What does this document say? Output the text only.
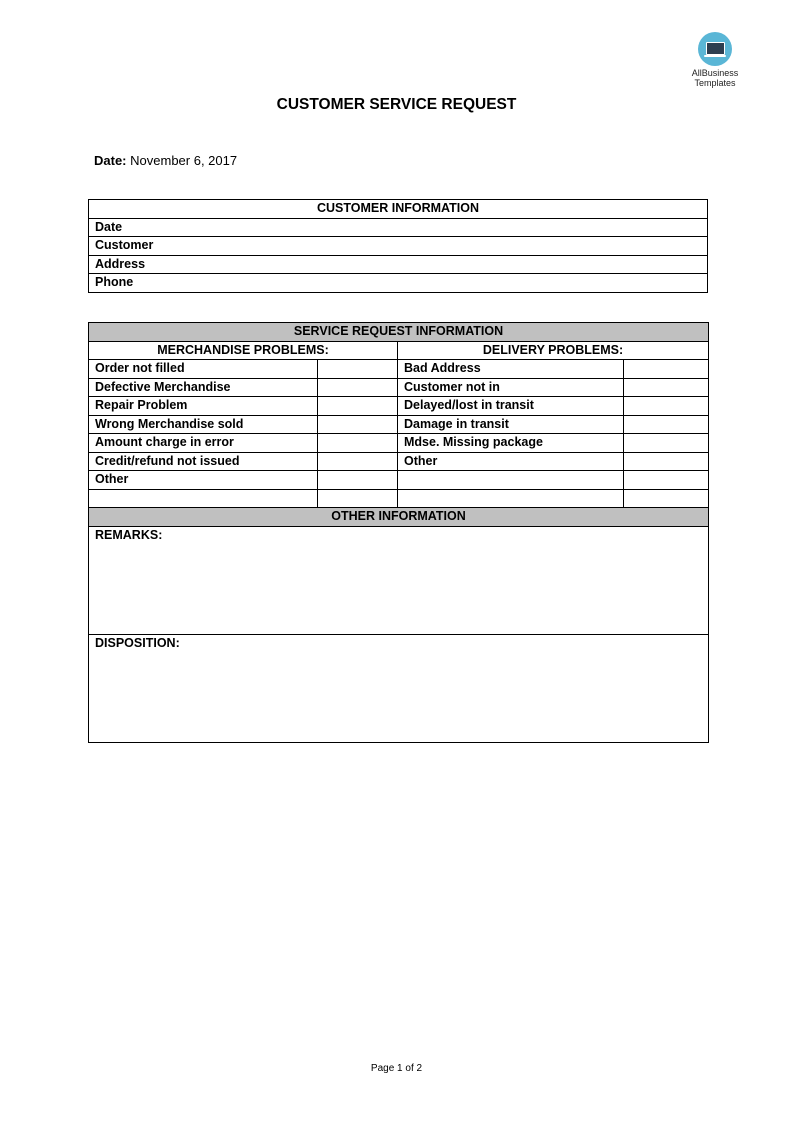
AllBusiness
Templates
CUSTOMER SERVICE REQUEST
Date: November 6, 2017
CUSTOMER INFORMATION
Date
Customer
Address
Phone
SERVICE REQUEST INFORMATION			
MERCHANDISE PROBLEMS:		DELIVERY PROBLEMS:	
Order not filled		Bad Address	
Defective Merchandise		Customer not in	
Repair Problem		Delayed/lost in transit	
Wrong Merchandise sold		Damage in transit	
Amount charge in error		Mdse. Missing package	
Credit/refund not issued		Other	
Other			

OTHER INFORMATION			
REMARKS:			
DISPOSITION:			
Page 1 of 2
